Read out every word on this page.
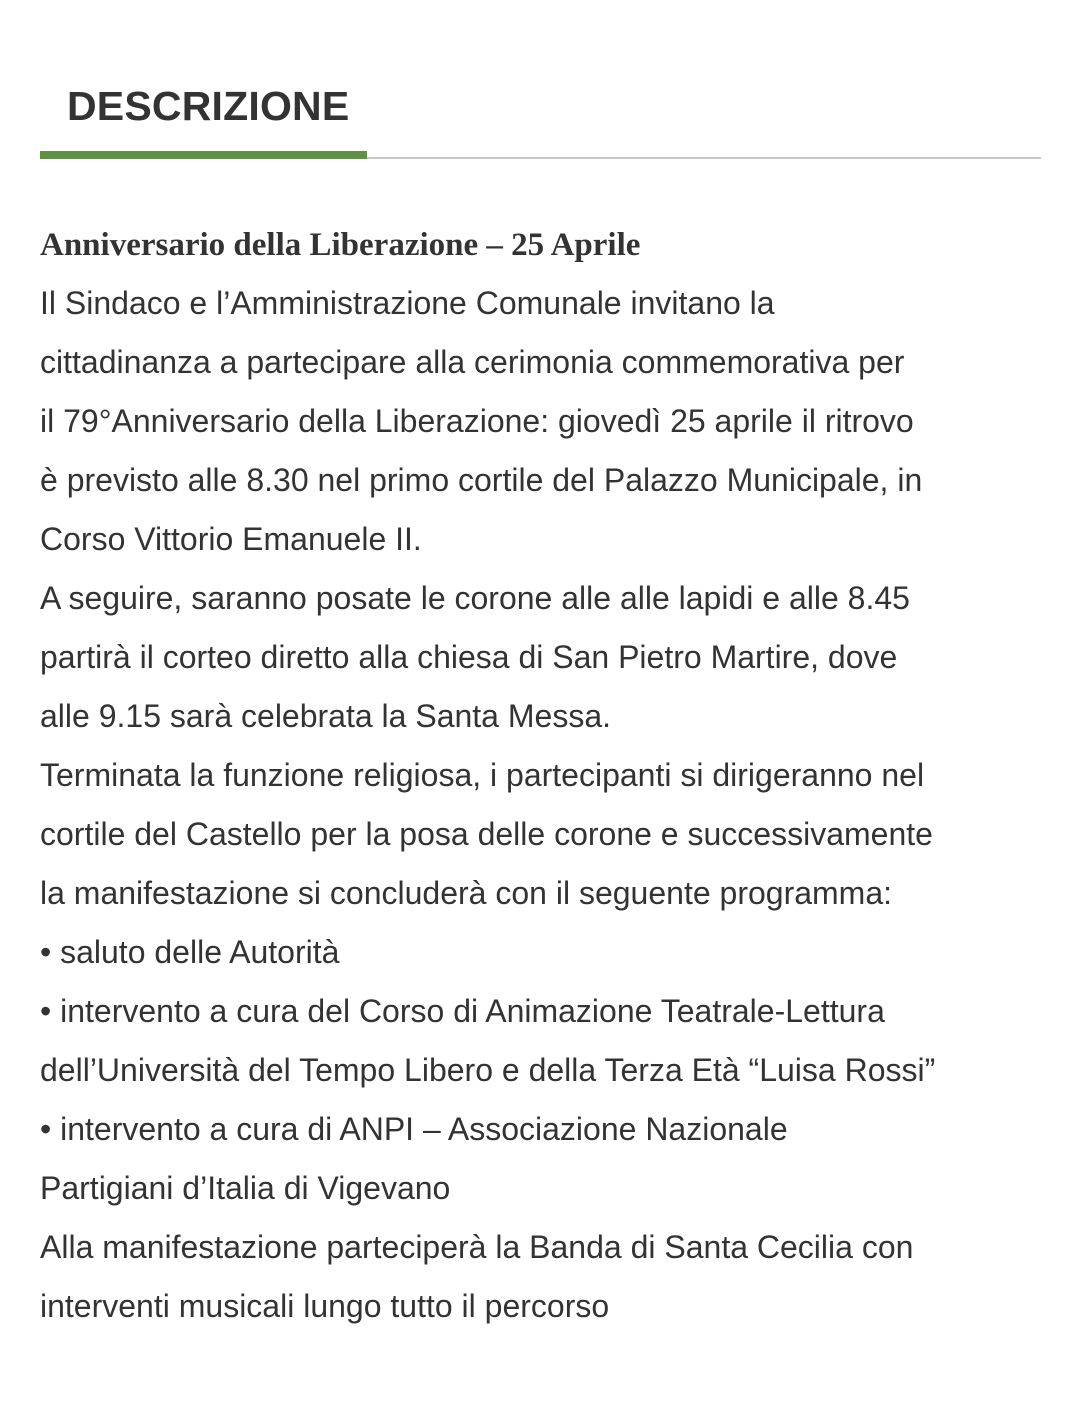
DESCRIZIONE

Anniversario della Liberazione – 25 Aprile

Il Sindaco e l’Amministrazione Comunale invitano la

cittadinanza a partecipare alla cerimonia commemorativa per

il 79°Anniversario della Liberazione: giovedì 25 aprile il ritrovo

è previsto alle 8.30 nel primo cortile del Palazzo Municipale, in

Corso Vittorio Emanuele II.

A seguire, saranno posate le corone alle alle lapidi e alle 8.45

partirà il corteo diretto alla chiesa di San Pietro Martire, dove

alle 9.15 sarà celebrata la Santa Messa.

Terminata la funzione religiosa, i partecipanti si dirigeranno nel

cortile del Castello per la posa delle corone e successivamente

la manifestazione si concluderà con il seguente programma:

• saluto delle Autorità

• intervento a cura del Corso di Animazione Teatrale-Lettura

dell’Università del Tempo Libero e della Terza Età “Luisa Rossi”

• intervento a cura di ANPI – Associazione Nazionale

Partigiani d’Italia di Vigevano

Alla manifestazione parteciperà la Banda di Santa Cecilia con

interventi musicali lungo tutto il percorso
